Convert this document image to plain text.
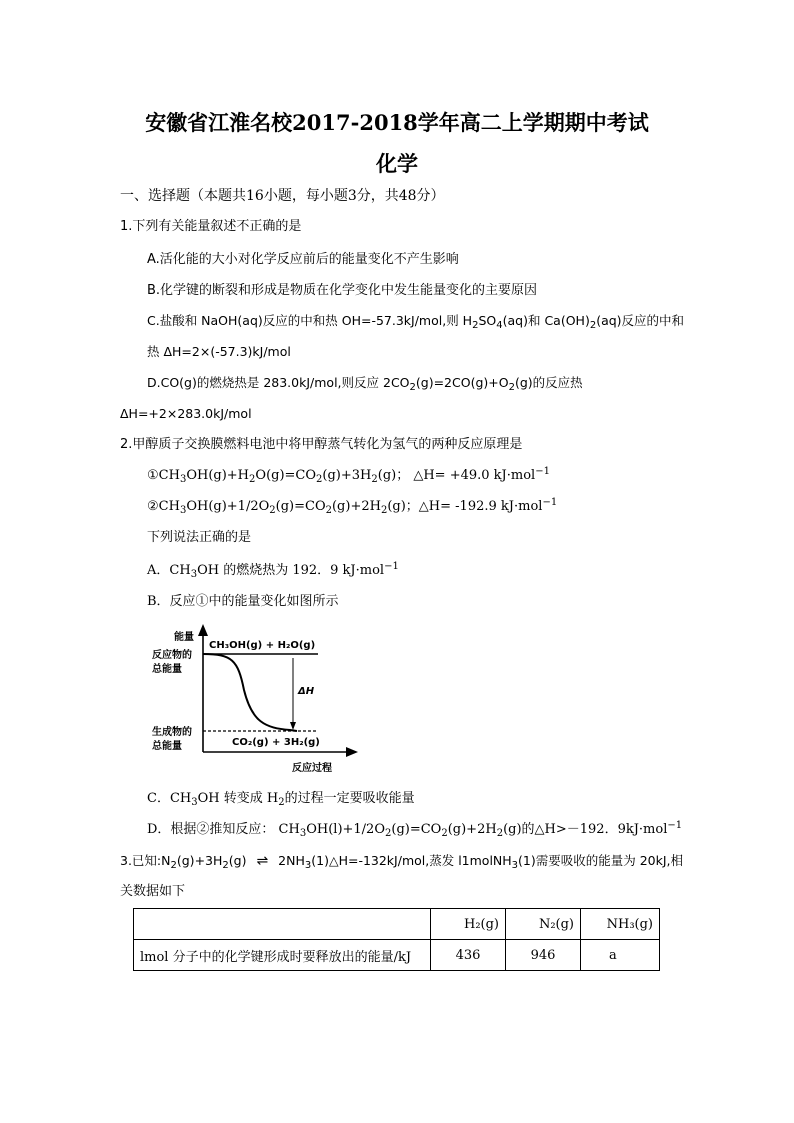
安徽省江淮名校2017-2018学年高二上学期期中考试
化学
一、选择题（本题共16小题，每小题3分，共48分）
1.下列有关能量叙述不正确的是
A.活化能的大小对化学反应前后的能量变化不产生影响
B.化学键的断裂和形成是物质在化学变化中发生能量变化的主要原因
C.盐酸和 NaOH(aq)反应的中和热 OH=-57.3kJ/mol,则 $H_2SO_4(aq)$和 $Ca(OH)_2(aq)$反应的中和
热 ΔH=2×(-57.3)kJ/mol
D.CO(g)的燃烧热是 283.0kJ/mol,则反应 $2CO_2(g)=2CO(g)+O_2(g)$的反应热
ΔH=+2×283.0kJ/mol
2.甲醇质子交换膜燃料电池中将甲醇蒸气转化为氢气的两种反应原理是
$①CH_3OH(g)+H_2O(g)=CO_2(g)+3H_2(g)$； △H= +49.0 kJ·mol$^{-1}$
$②CH_3OH(g)+1/2O_2(g)=CO_2(g)+2H_2(g)$；△H= -192.9 kJ·mol$^{-1}$
下列说法正确的是
A．$CH_3OH$ 的燃烧热为 192．9 kJ·mol$^{-1}$
B．反应①中的能量变化如图所示
能量
反应物的
总能量
CH₃OH(g) + H₂O(g)
ΔH
生成物的
总能量	CO₂(g) + 3H₂(g)
反应过程
C．$CH_3OH$ 转变成 $H_2$的过程一定要吸收能量
D．根据②推知反应： $CH_3OH(l)+1/2O_2(g)=CO_2(g)+2H_2(g)$的△H>－192．9kJ·mol$^{-1}$
3.已知$:N_2(g)+3H_2(g)$ ⇌ $2NH_3(1)\triangle H=-132kJ$/mol,蒸发 l1molNH$_3$(1)需要吸收的能量为 20kJ,相
关数据如下
	H₂(g)	N₂(g)	NH₃(g)
lmol 分子中的化学键形成时要释放出的能量/kJ	436	946	a
